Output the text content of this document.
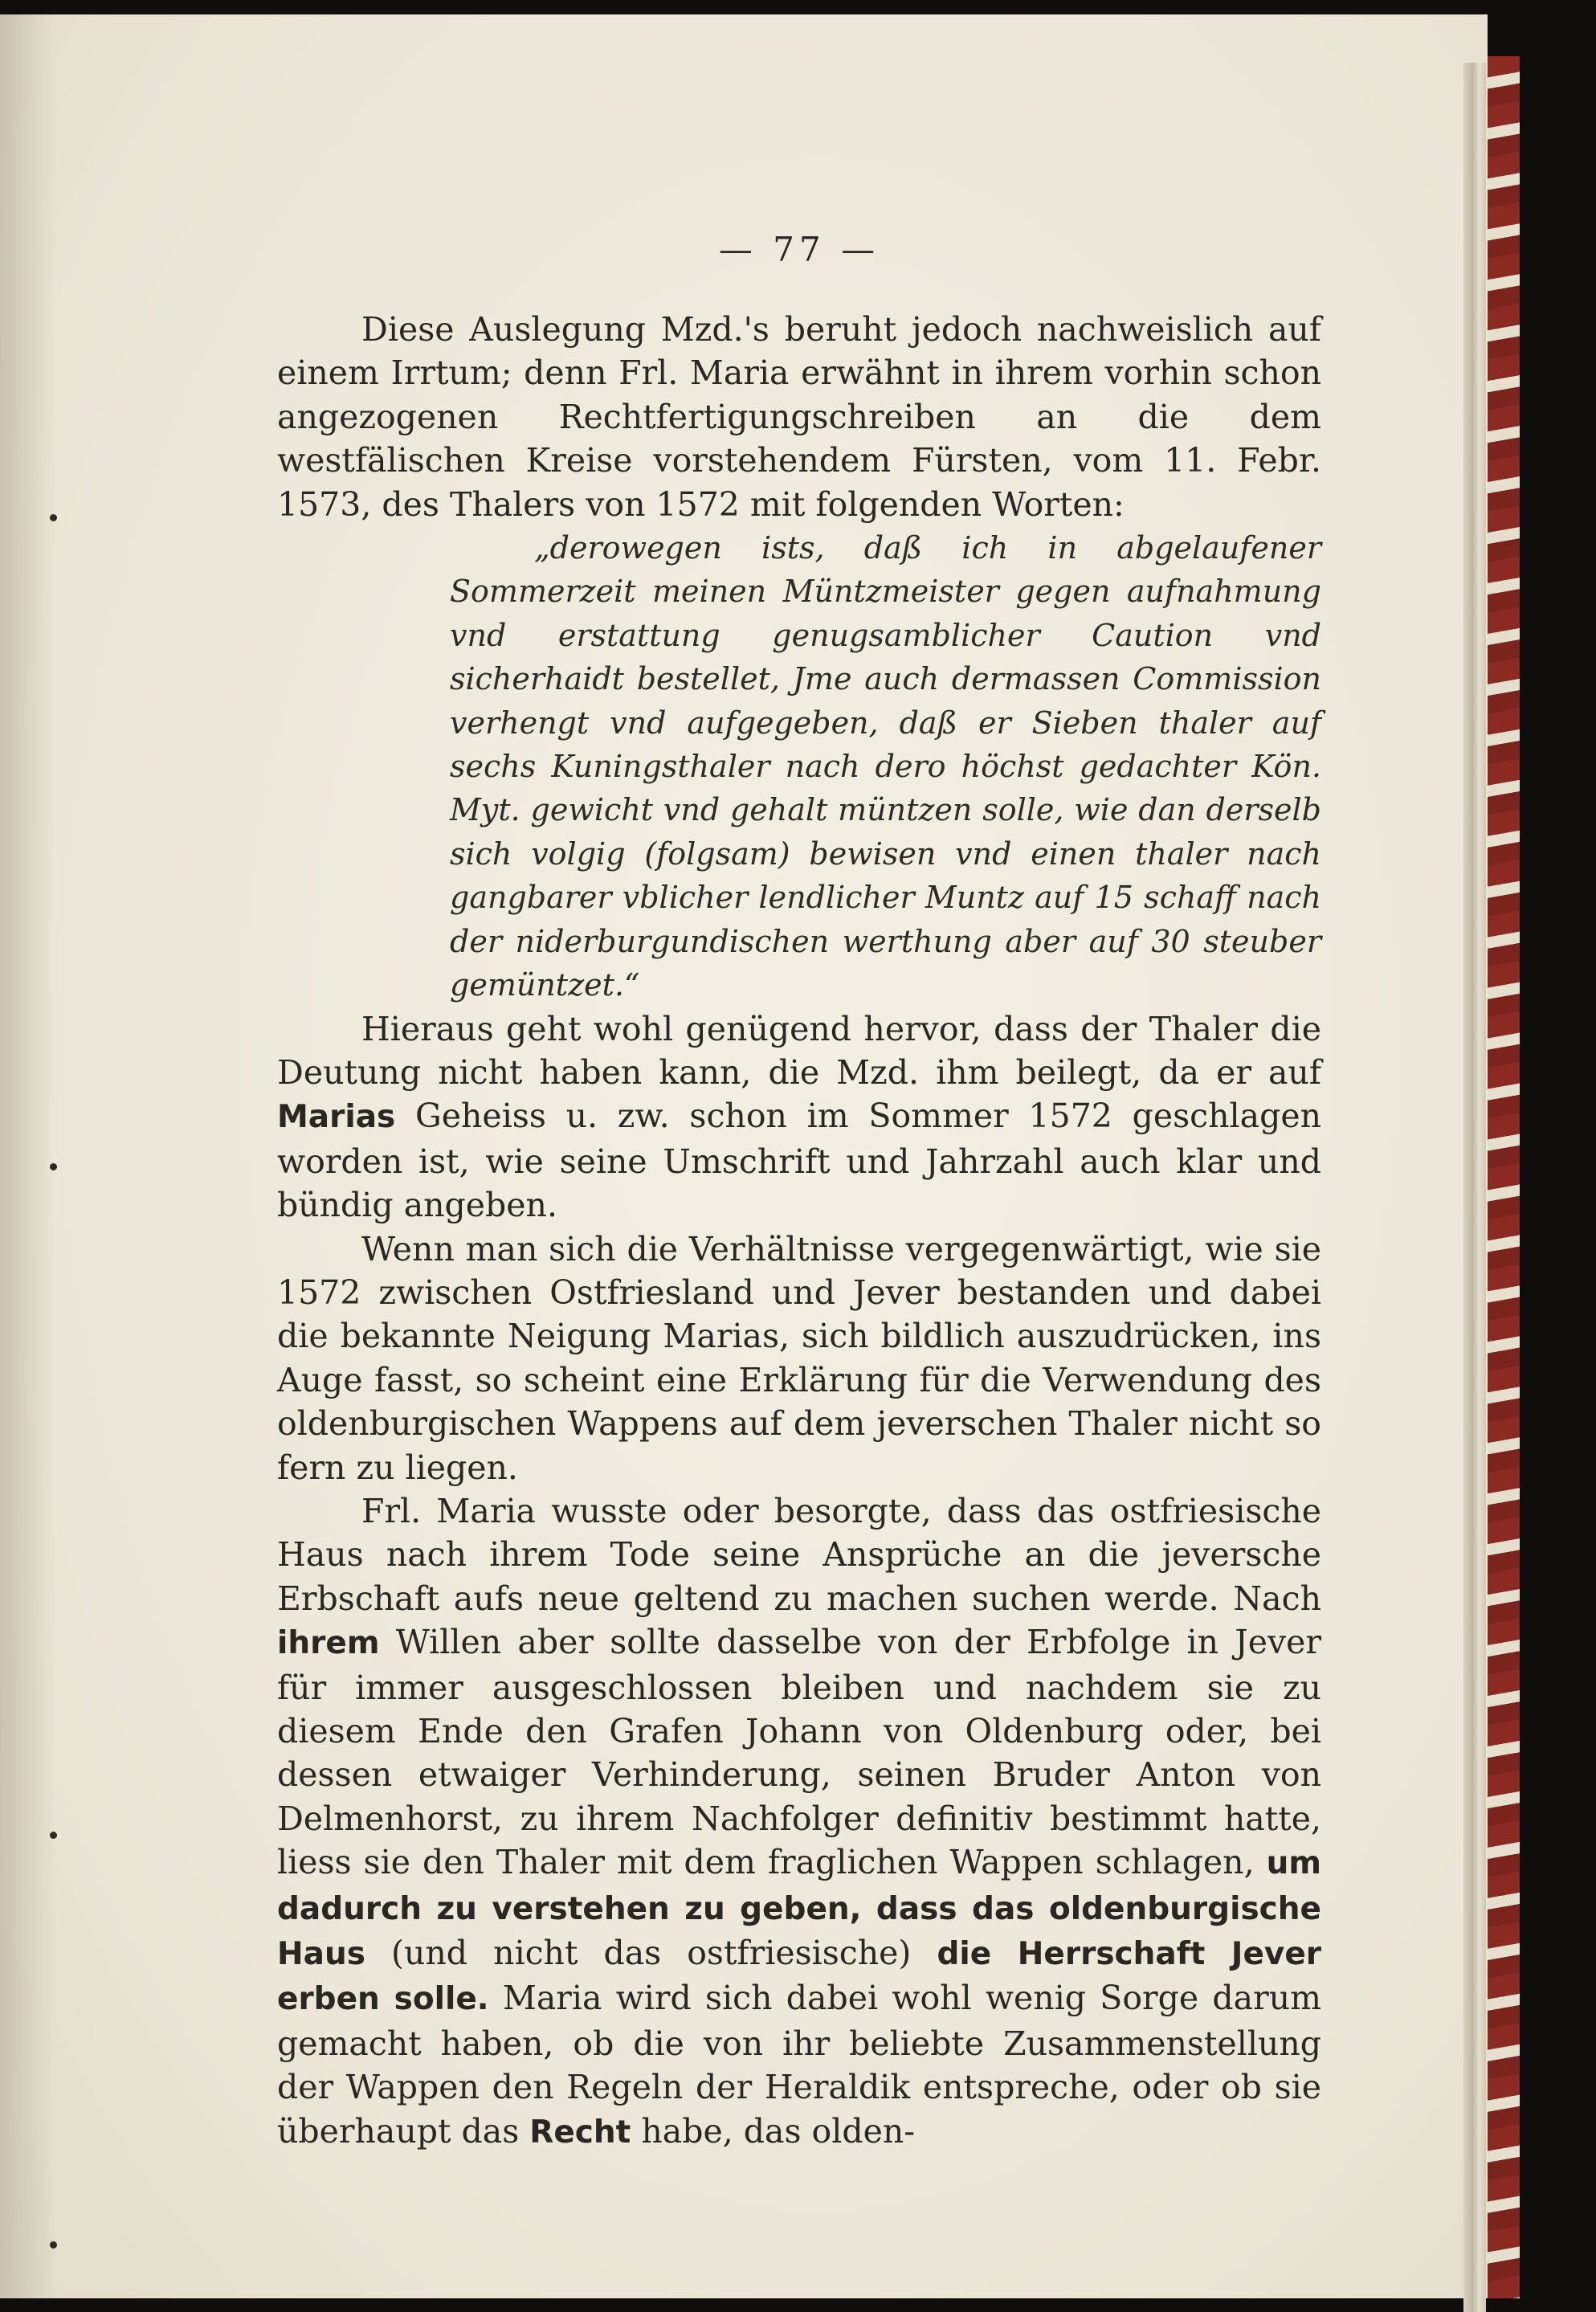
— 77 —

Diese Auslegung Mzd.'s beruht jedoch nachweislich auf einem Irrtum; denn Frl. Maria erwähnt in ihrem vorhin schon angezogenen Rechtfertigungschreiben an die dem westfälischen Kreise vorstehendem Fürsten, vom 11. Febr. 1573, des Thalers von 1572 mit folgenden Worten:

„derowegen ists, daß ich in abgelaufener Sommerzeit meinen Müntzmeister gegen aufnahmung vnd erstattung genugsamblicher Caution vnd sicherhaidt bestellet, Jme auch dermassen Commission verhengt vnd aufgegeben, daß er Sieben thaler auf sechs Kuningsthaler nach dero höchst gedachter Kön. Myt. gewicht vnd gehalt müntzen solle, wie dan derselb sich volgig (folgsam) bewisen vnd einen thaler nach gangbarer vblicher lendlicher Muntz auf 15 schaff nach der niderburgundischen werthung aber auf 30 steuber gemüntzet.“

Hieraus geht wohl genügend hervor, dass der Thaler die Deutung nicht haben kann, die Mzd. ihm beilegt, da er auf Marias Geheiss u. zw. schon im Sommer 1572 geschlagen worden ist, wie seine Umschrift und Jahrzahl auch klar und bündig angeben.

Wenn man sich die Verhältnisse vergegenwärtigt, wie sie 1572 zwischen Ostfriesland und Jever bestanden und dabei die bekannte Neigung Marias, sich bildlich auszudrücken, ins Auge fasst, so scheint eine Erklärung für die Verwendung des oldenburgischen Wappens auf dem jeverschen Thaler nicht so fern zu liegen.

Frl. Maria wusste oder besorgte, dass das ostfriesische Haus nach ihrem Tode seine Ansprüche an die jeversche Erbschaft aufs neue geltend zu machen suchen werde. Nach ihrem Willen aber sollte dasselbe von der Erbfolge in Jever für immer ausgeschlossen bleiben und nachdem sie zu diesem Ende den Grafen Johann von Oldenburg oder, bei dessen etwaiger Verhinderung, seinen Bruder Anton von Delmenhorst, zu ihrem Nachfolger definitiv bestimmt hatte, liess sie den Thaler mit dem fraglichen Wappen schlagen, um dadurch zu verstehen zu geben, dass das oldenburgische Haus (und nicht das ostfriesische) die Herrschaft Jever erben solle. Maria wird sich dabei wohl wenig Sorge darum gemacht haben, ob die von ihr beliebte Zusammenstellung der Wappen den Regeln der Heraldik entspreche, oder ob sie überhaupt das Recht habe, das olden-
